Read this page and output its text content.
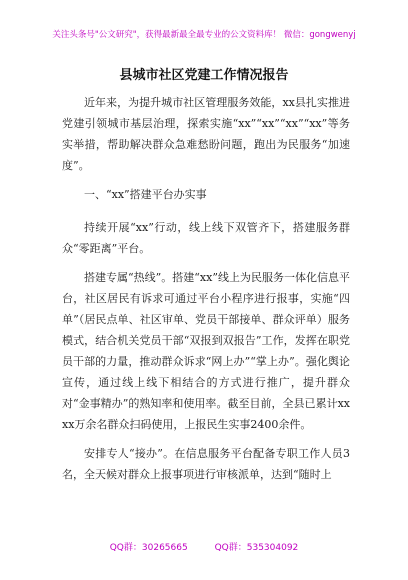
关注头条号"公文研究"，获得最新最全最专业的公文资料库！ 微信：gongwenyj
县城市社区党建工作情况报告

近年来，为提升城市社区管理服务效能，xx县扎实推进党建引领城市基层治理，探索实施“xx”“xx”“xx”“xx”等务实举措，帮助解决群众急难愁盼问题，跑出为民服务“加速度”。

一、“xx”搭建平台办实事

持续开展“xx”行动，线上线下双管齐下，搭建服务群众“零距离”平台。

搭建专属“热线”。搭建“xx”线上为民服务一体化信息平台，社区居民有诉求可通过平台小程序进行报事，实施“四单”（居民点单、社区审单、党员干部接单、群众评单）服务模式，结合机关党员干部“双报到双报告”工作，发挥在职党员干部的力量，推动群众诉求“网上办”“掌上办”。强化舆论宣传，通过线上线下相结合的方式进行推广，提升群众对“金事精办”的熟知率和使用率。截至目前，全县已累计xxxx万余名群众扫码使用，上报民生实事2400余件。

安排专人“接办”。在信息服务平台配备专职工作人员3名，全天候对群众上报事项进行审核派单，达到“随时上

QQ群：30265665	QQ群：535304092
